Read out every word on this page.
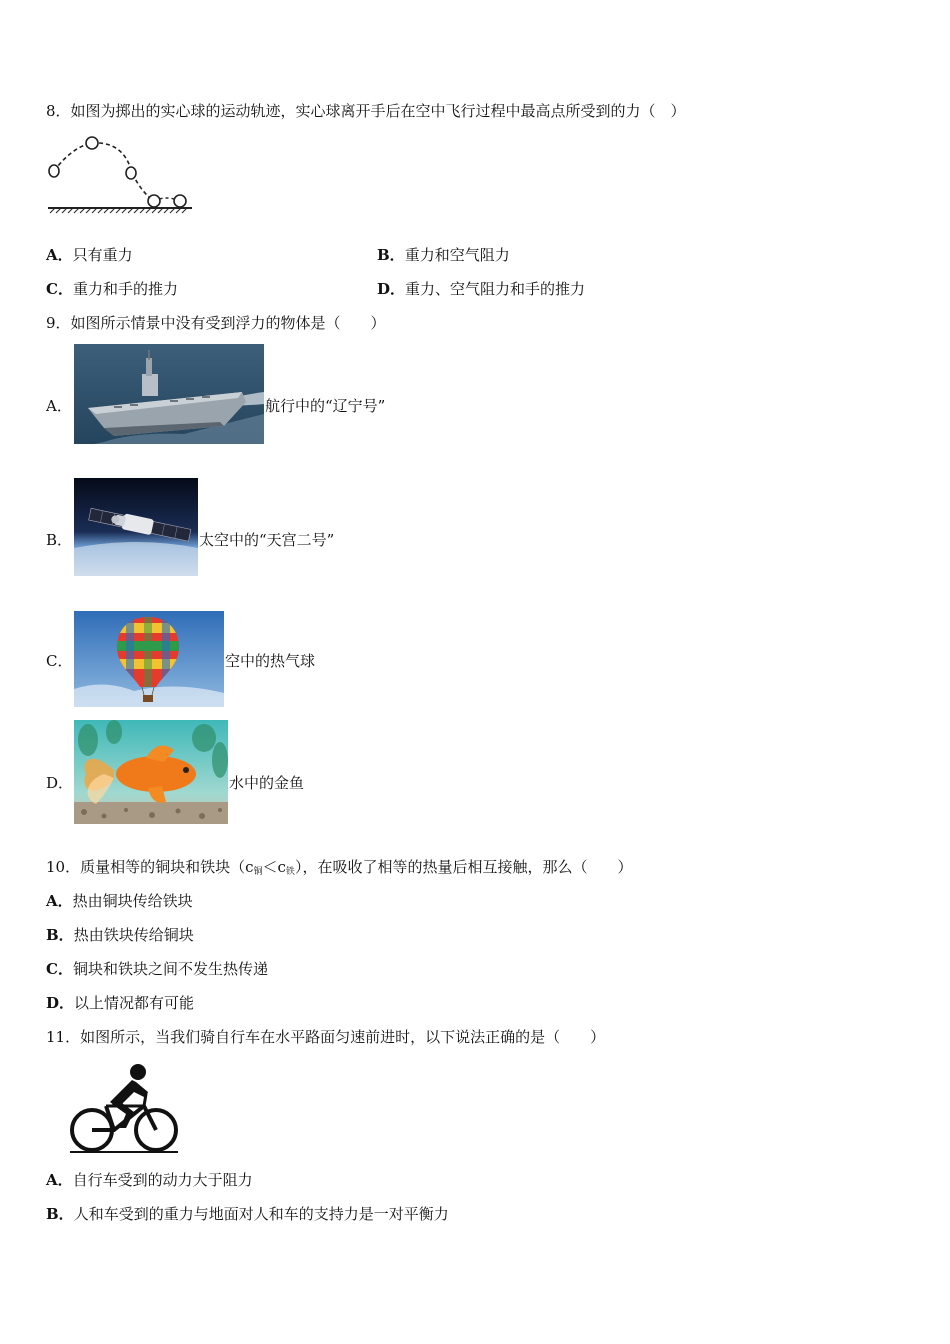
8．如图为掷出的实心球的运动轨迹，实心球离开手后在空中飞行过程中最高点所受到的力（　）
A．只有重力	B．重力和空气阻力
C．重力和手的推力	D．重力、空气阻力和手的推力
9．如图所示情景中没有受到浮力的物体是（　　）
A．	航行中的“辽宁号”
B．	太空中的“天宫二号”
C．	空中的热气球
D．	水中的金鱼
10．质量相等的铜块和铁块$(c_铜<c_铁)$，在吸收了相等的热量后相互接触，那么（　　）
A．热由铜块传给铁块
B．热由铁块传给铜块
C．铜块和铁块之间不发生热传递
D．以上情况都有可能
11．如图所示，当我们骑自行车在水平路面匀速前进时，以下说法正确的是（　　）
A．自行车受到的动力大于阻力
B．人和车受到的重力与地面对人和车的支持力是一对平衡力
